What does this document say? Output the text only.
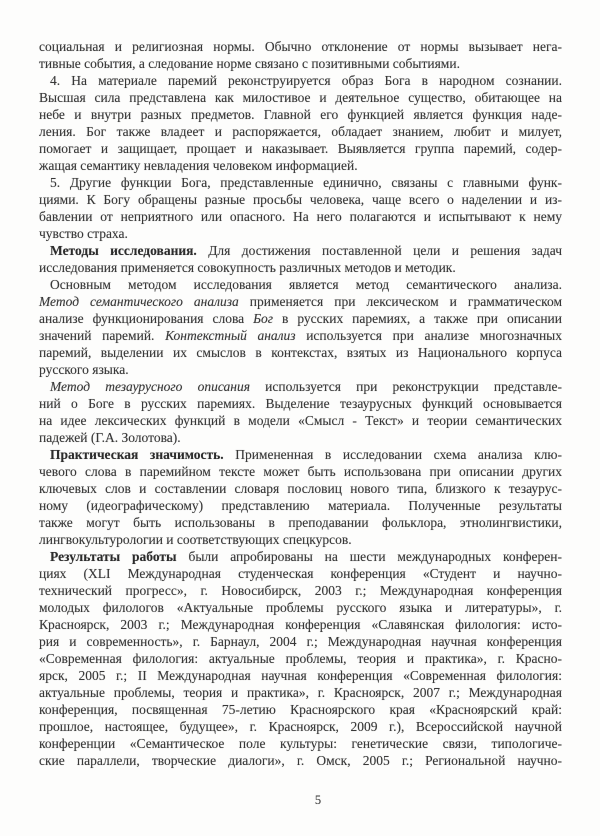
социальная и религиозная нормы. Обычно отклонение от нормы вызывает нега-
тивные события, а следование норме связано с позитивными событиями.
4. На материале паремий реконструируется образ Бога в народном сознании.
Высшая сила представлена как милостивое и деятельное существо, обитающее на
небе и внутри разных предметов. Главной его функцией является функция наде-
ления. Бог также владеет и распоряжается, обладает знанием, любит и милует,
помогает и защищает, прощает и наказывает. Выявляется группа паремий, содер-
жащая семантику невладения человеком информацией.
5. Другие функции Бога, представленные единично, связаны с главными функ-
циями. К Богу обращены разные просьбы человека, чаще всего о наделении и из-
бавлении от неприятного или опасного. На него полагаются и испытывают к нему
чувство страха.
Методы исследования. Для достижения поставленной цели и решения задач
исследования применяется совокупность различных методов и методик.
Основным методом исследования является метод семантического анализа.
Метод семантического анализа применяется при лексическом и грамматическом
анализе функционирования слова Бог в русских паремиях, а также при описании
значений паремий. Контекстный анализ используется при анализе многозначных
паремий, выделении их смыслов в контекстах, взятых из Национального корпуса
русского языка.
Метод тезаурусного описания используется при реконструкции представле-
ний о Боге в русских паремиях. Выделение тезаурусных функций основывается
на идее лексических функций в модели «Смысл - Текст» и теории семантических
падежей (Г.А. Золотова).
Практическая значимость. Примененная в исследовании схема анализа клю-
чевого слова в паремийном тексте может быть использована при описании других
ключевых слов и составлении словаря пословиц нового типа, близкого к тезаурус-
ному (идеографическому) представлению материала. Полученные результаты
также могут быть использованы в преподавании фольклора, этнолингвистики,
лингвокультурологии и соответствующих спецкурсов.
Результаты работы были апробированы на шести международных конферен-
циях (XLI Международная студенческая конференция «Студент и научно-
технический прогресс», г. Новосибирск, 2003 г.; Международная конференция
молодых филологов «Актуальные проблемы русского языка и литературы», г.
Красноярск, 2003 г.; Международная конференция «Славянская филология: исто-
рия и современность», г. Барнаул, 2004 г.; Международная научная конференция
«Современная филология: актуальные проблемы, теория и практика», г. Красно-
ярск, 2005 г.; II Международная научная конференция «Современная филология:
актуальные проблемы, теория и практика», г. Красноярск, 2007 г.; Международная
конференция, посвященная 75-летию Красноярского края «Красноярский край:
прошлое, настоящее, будущее», г. Красноярск, 2009 г.), Всероссийской научной
конференции «Семантическое поле культуры: генетические связи, типологиче-
ские параллели, творческие диалоги», г. Омск, 2005 г.; Региональной научно-
5
